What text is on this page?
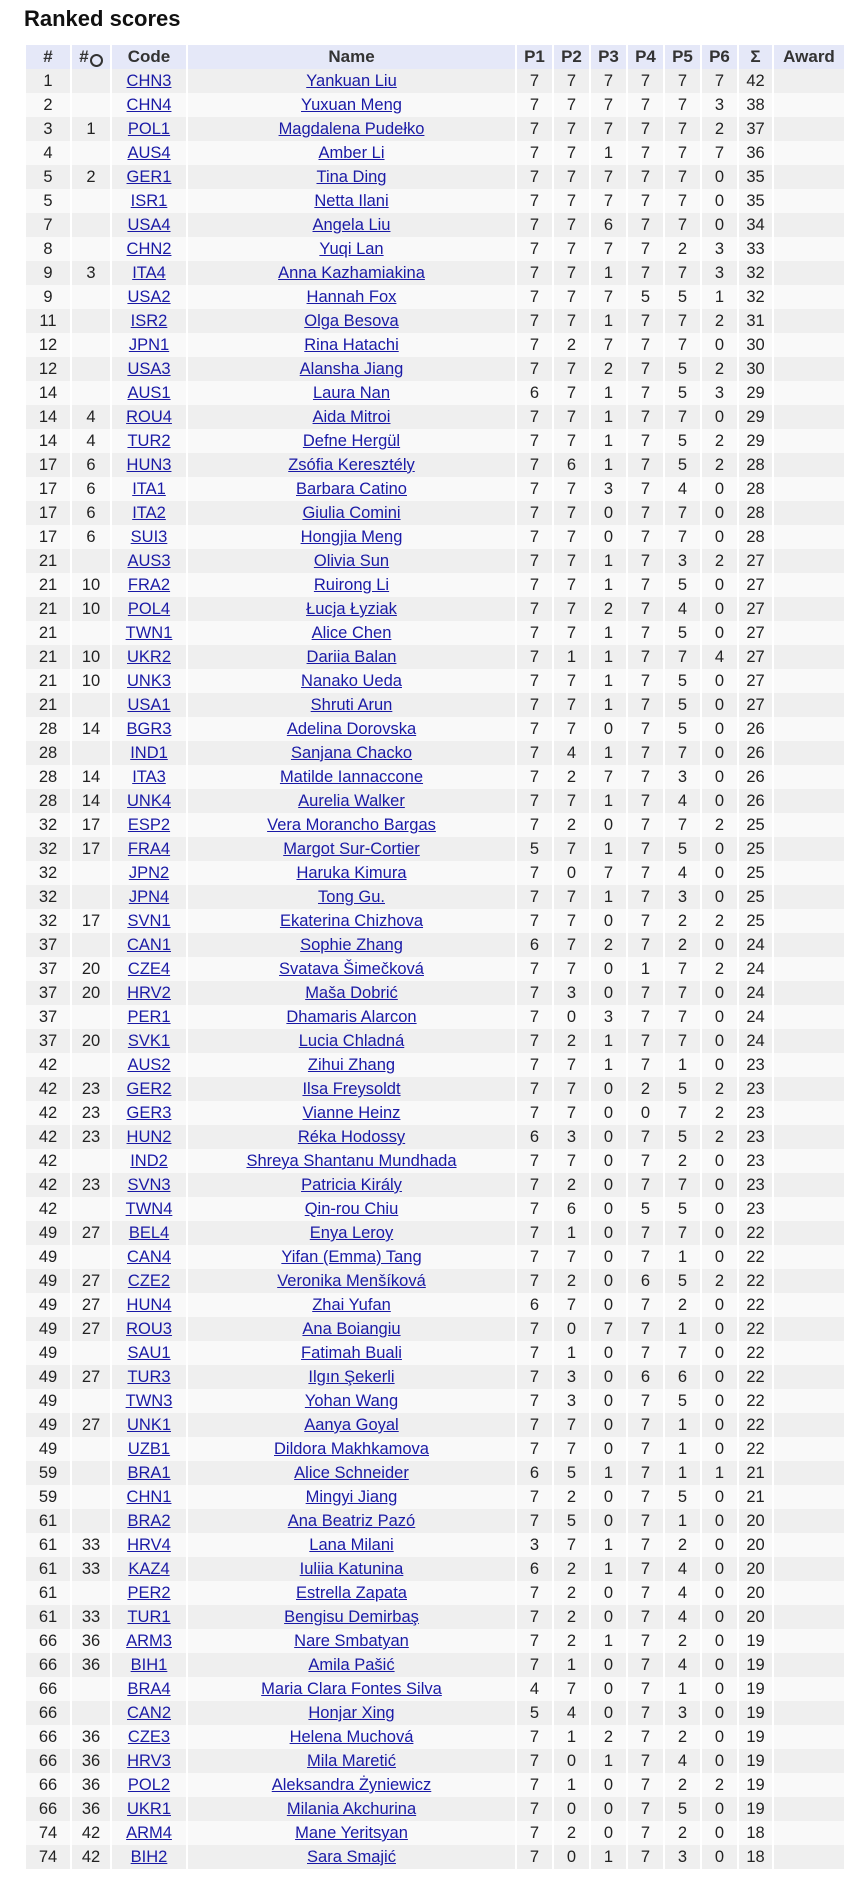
Ranked scores
#	#	Code	Name	P1	P2	P3	P4	P5	P6	Σ	Award
1		CHN3	Yankuan Liu	7	7	7	7	7	7	42	
2		CHN4	Yuxuan Meng	7	7	7	7	7	3	38	
3	1	POL1	Magdalena Pudełko	7	7	7	7	7	2	37	
4		AUS4	Amber Li	7	7	1	7	7	7	36	
5	2	GER1	Tina Ding	7	7	7	7	7	0	35	
5		ISR1	Netta Ilani	7	7	7	7	7	0	35	
7		USA4	Angela Liu	7	7	6	7	7	0	34	
8		CHN2	Yuqi Lan	7	7	7	7	2	3	33	
9	3	ITA4	Anna Kazhamiakina	7	7	1	7	7	3	32	
9		USA2	Hannah Fox	7	7	7	5	5	1	32	
11		ISR2	Olga Besova	7	7	1	7	7	2	31	
12		JPN1	Rina Hatachi	7	2	7	7	7	0	30	
12		USA3	Alansha Jiang	7	7	2	7	5	2	30	
14		AUS1	Laura Nan	6	7	1	7	5	3	29	
14	4	ROU4	Aida Mitroi	7	7	1	7	7	0	29	
14	4	TUR2	Defne Hergül	7	7	1	7	5	2	29	
17	6	HUN3	Zsófia Keresztély	7	6	1	7	5	2	28	
17	6	ITA1	Barbara Catino	7	7	3	7	4	0	28	
17	6	ITA2	Giulia Comini	7	7	0	7	7	0	28	
17	6	SUI3	Hongjia Meng	7	7	0	7	7	0	28	
21		AUS3	Olivia Sun	7	7	1	7	3	2	27	
21	10	FRA2	Ruirong Li	7	7	1	7	5	0	27	
21	10	POL4	Łucja Łyziak	7	7	2	7	4	0	27	
21		TWN1	Alice Chen	7	7	1	7	5	0	27	
21	10	UKR2	Dariia Balan	7	1	1	7	7	4	27	
21	10	UNK3	Nanako Ueda	7	7	1	7	5	0	27	
21		USA1	Shruti Arun	7	7	1	7	5	0	27	
28	14	BGR3	Adelina Dorovska	7	7	0	7	5	0	26	
28		IND1	Sanjana Chacko	7	4	1	7	7	0	26	
28	14	ITA3	Matilde Iannaccone	7	2	7	7	3	0	26	
28	14	UNK4	Aurelia Walker	7	7	1	7	4	0	26	
32	17	ESP2	Vera Morancho Bargas	7	2	0	7	7	2	25	
32	17	FRA4	Margot Sur-Cortier	5	7	1	7	5	0	25	
32		JPN2	Haruka Kimura	7	0	7	7	4	0	25	
32		JPN4	Tong Gu.	7	7	1	7	3	0	25	
32	17	SVN1	Ekaterina Chizhova	7	7	0	7	2	2	25	
37		CAN1	Sophie Zhang	6	7	2	7	2	0	24	
37	20	CZE4	Svatava Šimečková	7	7	0	1	7	2	24	
37	20	HRV2	Maša Dobrić	7	3	0	7	7	0	24	
37		PER1	Dhamaris Alarcon	7	0	3	7	7	0	24	
37	20	SVK1	Lucia Chladná	7	2	1	7	7	0	24	
42		AUS2	Zihui Zhang	7	7	1	7	1	0	23	
42	23	GER2	Ilsa Freysoldt	7	7	0	2	5	2	23	
42	23	GER3	Vianne Heinz	7	7	0	0	7	2	23	
42	23	HUN2	Réka Hodossy	6	3	0	7	5	2	23	
42		IND2	Shreya Shantanu Mundhada	7	7	0	7	2	0	23	
42	23	SVN3	Patricia Király	7	2	0	7	7	0	23	
42		TWN4	Qin-rou Chiu	7	6	0	5	5	0	23	
49	27	BEL4	Enya Leroy	7	1	0	7	7	0	22	
49		CAN4	Yifan (Emma) Tang	7	7	0	7	1	0	22	
49	27	CZE2	Veronika Menšíková	7	2	0	6	5	2	22	
49	27	HUN4	Zhai Yufan	6	7	0	7	2	0	22	
49	27	ROU3	Ana Boiangiu	7	0	7	7	1	0	22	
49		SAU1	Fatimah Buali	7	1	0	7	7	0	22	
49	27	TUR3	Ilgın Şekerli	7	3	0	6	6	0	22	
49		TWN3	Yohan Wang	7	3	0	7	5	0	22	
49	27	UNK1	Aanya Goyal	7	7	0	7	1	0	22	
49		UZB1	Dildora Makhkamova	7	7	0	7	1	0	22	
59		BRA1	Alice Schneider	6	5	1	7	1	1	21	
59		CHN1	Mingyi Jiang	7	2	0	7	5	0	21	
61		BRA2	Ana Beatriz Pazó	7	5	0	7	1	0	20	
61	33	HRV4	Lana Milani	3	7	1	7	2	0	20	
61	33	KAZ4	Iuliia Katunina	6	2	1	7	4	0	20	
61		PER2	Estrella Zapata	7	2	0	7	4	0	20	
61	33	TUR1	Bengisu Demirbaş	7	2	0	7	4	0	20	
66	36	ARM3	Nare Smbatyan	7	2	1	7	2	0	19	
66	36	BIH1	Amila Pašić	7	1	0	7	4	0	19	
66		BRA4	Maria Clara Fontes Silva	4	7	0	7	1	0	19	
66		CAN2	Honjar Xing	5	4	0	7	3	0	19	
66	36	CZE3	Helena Muchová	7	1	2	7	2	0	19	
66	36	HRV3	Mila Maretić	7	0	1	7	4	0	19	
66	36	POL2	Aleksandra Żyniewicz	7	1	0	7	2	2	19	
66	36	UKR1	Milania Akchurina	7	0	0	7	5	0	19	
74	42	ARM4	Mane Yeritsyan	7	2	0	7	2	0	18	
74	42	BIH2	Sara Smajić	7	0	1	7	3	0	18	
